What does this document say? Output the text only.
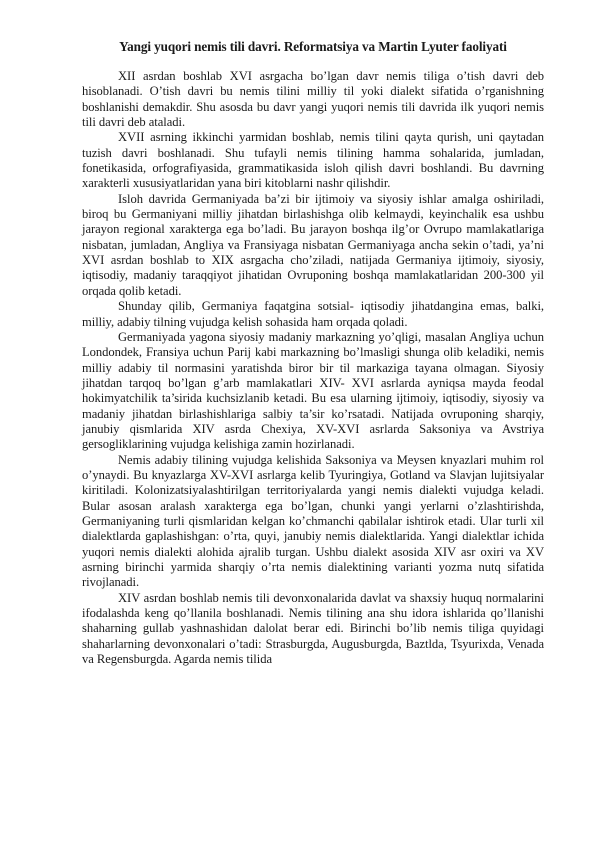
Yangi yuqori nemis tili davri. Reformatsiya va Martin Lyuter faoliyati

XII asrdan boshlab XVI asrgacha bo’lgan davr nemis tiliga o’tish davri deb hisoblanadi. O’tish davri bu nemis tilini milliy til yoki dialekt sifatida o’rganishning boshlanishi demakdir. Shu asosda bu davr yangi yuqori nemis tili davrida ilk yuqori nemis tili davri deb ataladi.

XVII asrning ikkinchi yarmidan boshlab, nemis tilini qayta qurish, uni qaytadan tuzish davri boshlanadi. Shu tufayli nemis tilining hamma sohalarida, jumladan, fonetikasida, orfografiyasida, grammatikasida isloh qilish davri boshlandi. Bu davrning xarakterli xususiyatlaridan yana biri kitoblarni nashr qilishdir.

Isloh davrida Germaniyada ba’zi bir ijtimoiy va siyosiy ishlar amalga oshiriladi, biroq bu Germaniyani milliy jihatdan birlashishga olib kelmaydi, keyinchalik esa ushbu jarayon regional xarakterga ega bo’ladi. Bu jarayon boshqa ilg’or Ovrupo mamlakatlariga nisbatan, jumladan, Angliya va Fransiyaga nisbatan Germaniyaga ancha sekin o’tadi, ya’ni XVI asrdan boshlab to XIX asrgacha cho’ziladi, natijada Germaniya ijtimoiy, siyosiy, iqtisodiy, madaniy taraqqiyot jihatidan Ovruponing boshqa mamlakatlaridan 200-300 yil orqada qolib ketadi.

Shunday qilib, Germaniya faqatgina sotsial- iqtisodiy jihatdangina emas, balki, milliy, adabiy tilning vujudga kelish sohasida ham orqada qoladi.

Germaniyada yagona siyosiy madaniy markazning yo’qligi, masalan Angliya uchun Londondek, Fransiya uchun Parij kabi markazning bo’lmasligi shunga olib keladiki, nemis milliy adabiy til normasini yaratishda biror bir til markaziga tayana olmagan. Siyosiy jihatdan tarqoq bo’lgan g’arb mamlakatlari XIV- XVI asrlarda ayniqsa mayda feodal hokimyatchilik ta’sirida kuchsizlanib ketadi. Bu esa ularning ijtimoiy, iqtisodiy, siyosiy va madaniy jihatdan birlashishlariga salbiy ta’sir ko’rsatadi. Natijada ovruponing sharqiy, janubiy qismlarida XIV asrda Chexiya, XV-XVI asrlarda Saksoniya va Avstriya gersogliklarining vujudga kelishiga zamin hozirlanadi.

Nemis adabiy tilining vujudga kelishida Saksoniya va Meysen knyazlari muhim rol o’ynaydi. Bu knyazlarga XV-XVI asrlarga kelib Tyuringiya, Gotland va Slavjan lujitsiyalar kiritiladi. Kolonizatsiyalashtirilgan territoriyalarda yangi nemis dialekti vujudga keladi. Bular asosan aralash xarakterga ega bo’lgan, chunki yangi yerlarni o’zlashtirishda, Germaniyaning turli qismlaridan kelgan ko’chmanchi qabilalar ishtirok etadi. Ular turli xil dialektlarda gaplashishgan: o’rta, quyi, janubiy nemis dialektlarida. Yangi dialektlar ichida yuqori nemis dialekti alohida ajralib turgan. Ushbu dialekt asosida XIV asr oxiri va XV asrning birinchi yarmida sharqiy o’rta nemis dialektining varianti yozma nutq sifatida rivojlanadi.

XIV asrdan boshlab nemis tili devonxonalarida davlat va shaxsiy huquq normalarini ifodalashda keng qo’llanila boshlanadi. Nemis tilining ana shu idora ishlarida qo’llanishi shaharning gullab yashnashidan dalolat berar edi. Birinchi bo’lib nemis tiliga quyidagi shaharlarning devonxonalari o’tadi: Strasburgda, Augusburgda, Baztlda, Tsyurixda, Venada va Regensburgda. Agarda nemis tilida
